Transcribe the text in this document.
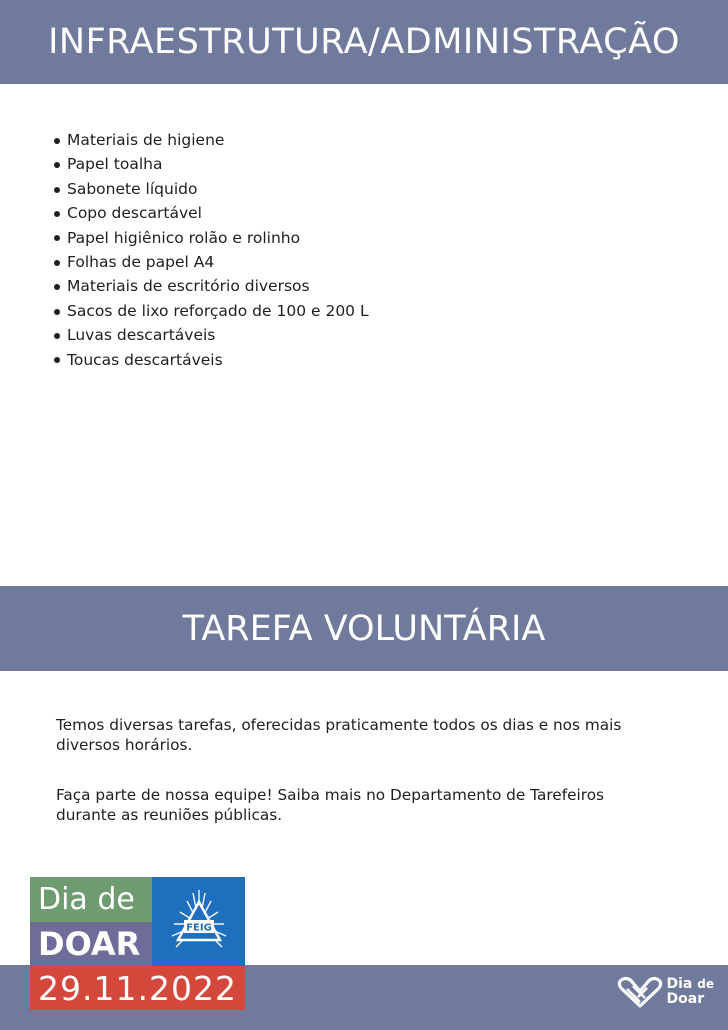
INFRAESTRUTURA/ADMINISTRAÇÃO
Materiais de higiene
Papel toalha
Sabonete líquido
Copo descartável
Papel higiênico rolão e rolinho
Folhas de papel A4
Materiais de escritório diversos
Sacos de lixo reforçado de 100 e 200 L
Luvas descartáveis
Toucas descartáveis
TAREFA VOLUNTÁRIA

Temos diversas tarefas, oferecidas praticamente todos os dias e nos mais diversos horários.

Faça parte de nossa equipe! Saiba mais no Departamento de Tarefeiros durante as reuniões públicas.

Dia de
DOAR	FEIG
29.11.2022	Dia de
Doar
